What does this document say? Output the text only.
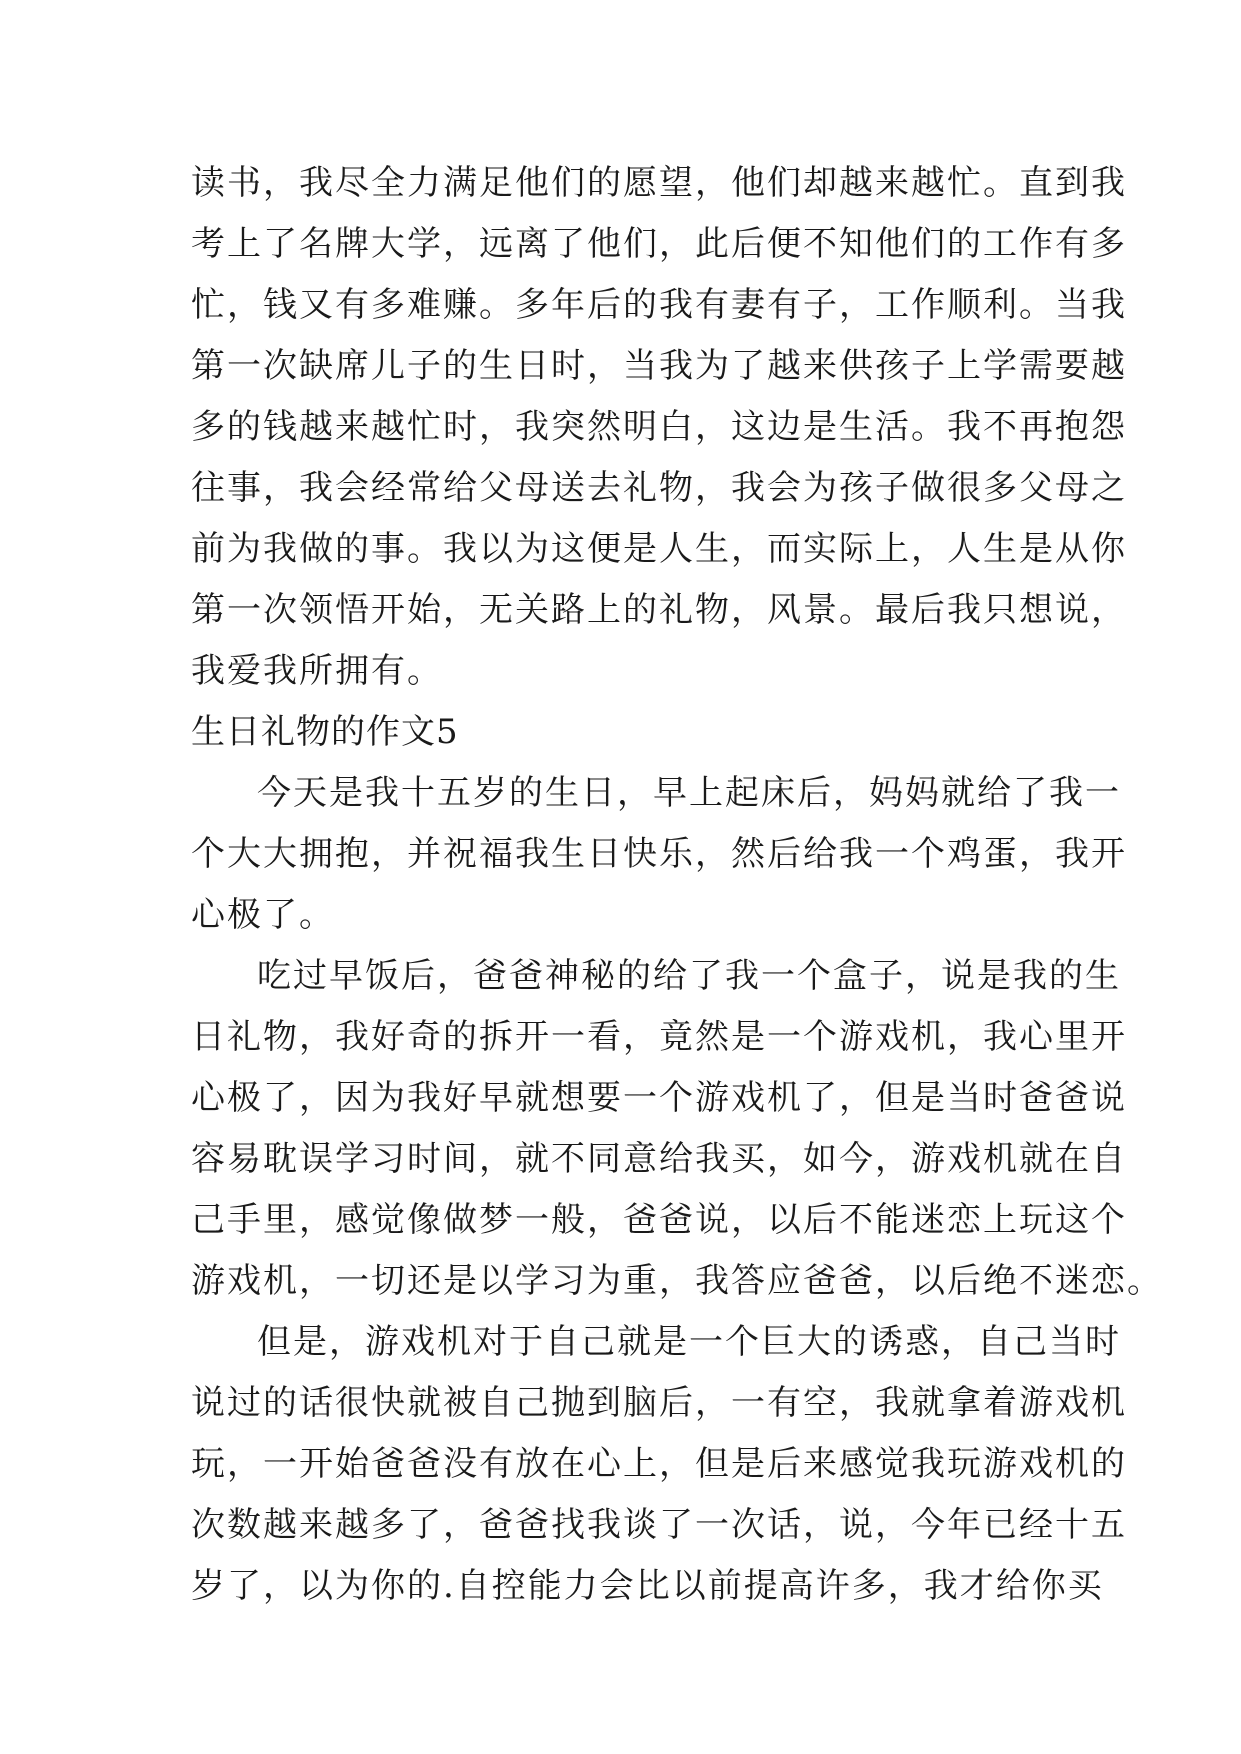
读书，我尽全力满足他们的愿望，他们却越来越忙。直到我
考上了名牌大学，远离了他们，此后便不知他们的工作有多
忙，钱又有多难赚。多年后的我有妻有子，工作顺利。当我
第一次缺席儿子的生日时，当我为了越来供孩子上学需要越
多的钱越来越忙时，我突然明白，这边是生活。我不再抱怨
往事，我会经常给父母送去礼物，我会为孩子做很多父母之
前为我做的事。我以为这便是人生，而实际上，人生是从你
第一次领悟开始，无关路上的礼物，风景。最后我只想说，
我爱我所拥有。
生日礼物的作文5
今天是我十五岁的生日，早上起床后，妈妈就给了我一
个大大拥抱，并祝福我生日快乐，然后给我一个鸡蛋，我开
心极了。
吃过早饭后，爸爸神秘的给了我一个盒子，说是我的生
日礼物，我好奇的拆开一看，竟然是一个游戏机，我心里开
心极了，因为我好早就想要一个游戏机了，但是当时爸爸说
容易耽误学习时间，就不同意给我买，如今，游戏机就在自
己手里，感觉像做梦一般，爸爸说，以后不能迷恋上玩这个
游戏机，一切还是以学习为重，我答应爸爸，以后绝不迷恋。
但是，游戏机对于自己就是一个巨大的诱惑，自己当时
说过的话很快就被自己抛到脑后，一有空，我就拿着游戏机
玩，一开始爸爸没有放在心上，但是后来感觉我玩游戏机的
次数越来越多了，爸爸找我谈了一次话，说，今年已经十五
岁了，以为你的.自控能力会比以前提高许多，我才给你买
